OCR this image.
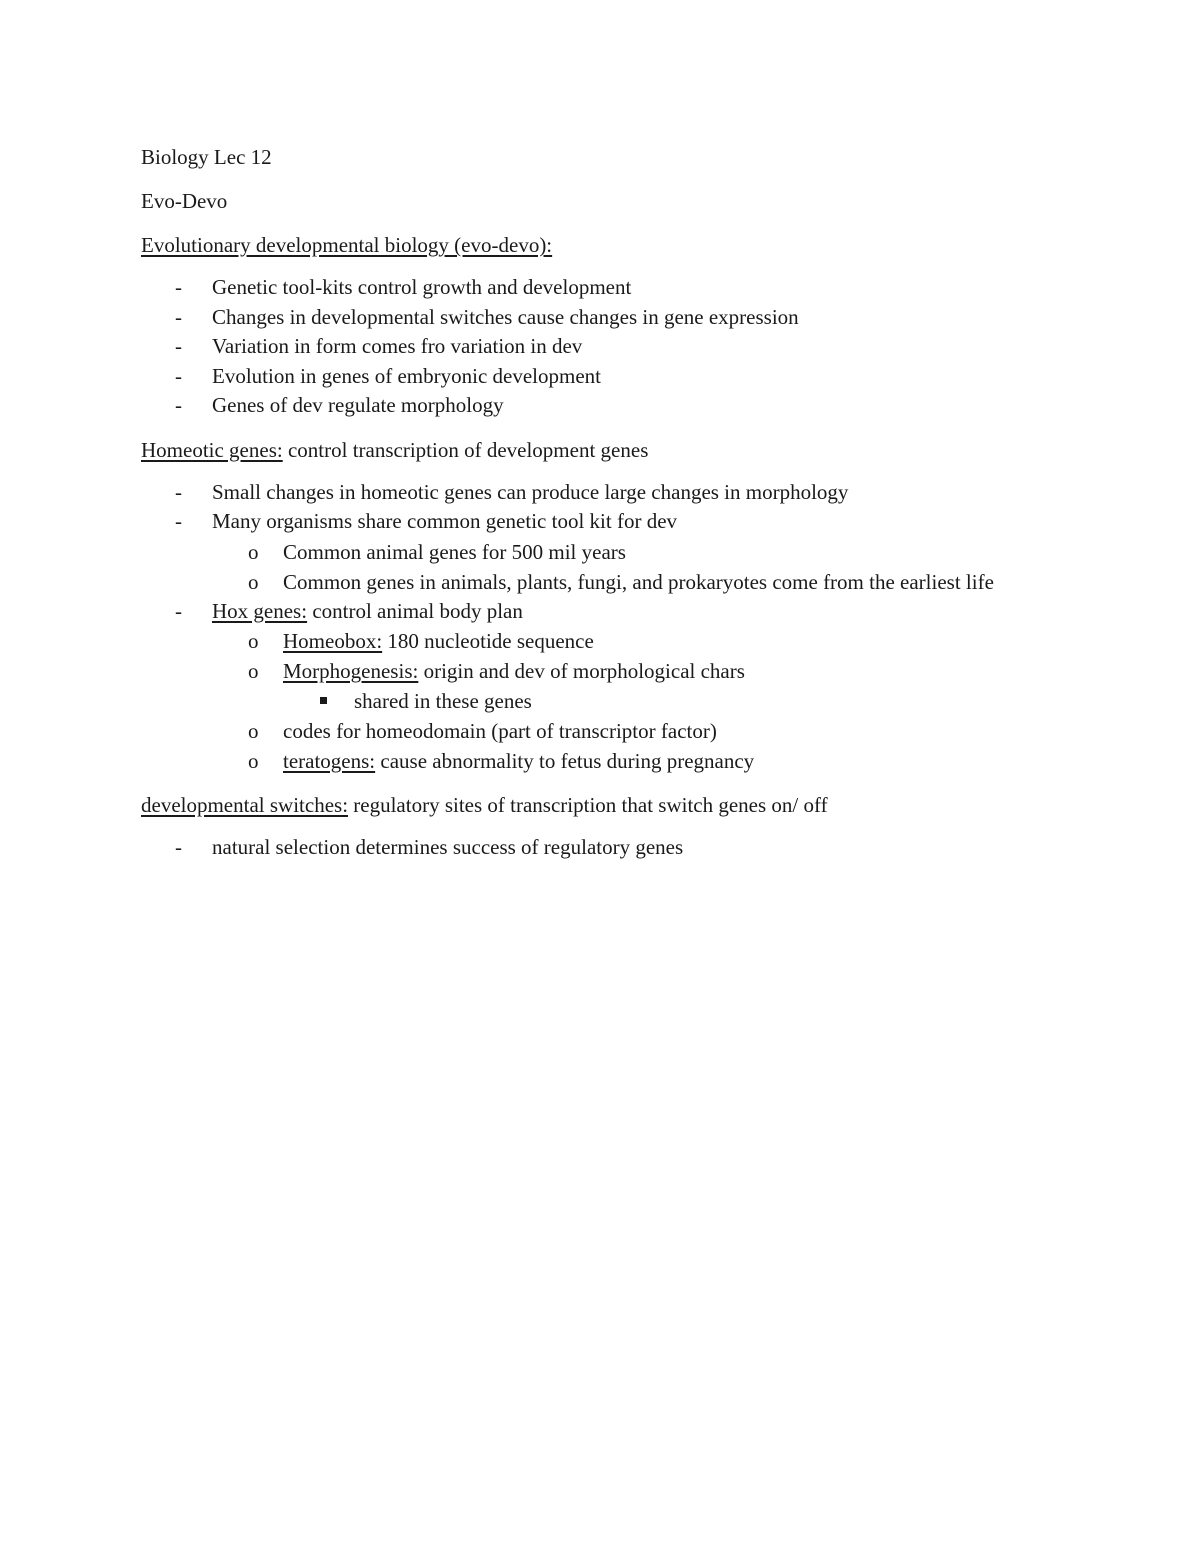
Biology Lec 12

Evo-Devo

Evolutionary developmental biology (evo-devo):

- Genetic tool-kits control growth and development
- Changes in developmental switches cause changes in gene expression
- Variation in form comes fro variation in dev
- Evolution in genes of embryonic development
- Genes of dev regulate morphology

Homeotic genes: control transcription of development genes

- Small changes in homeotic genes can produce large changes in morphology
- Many organisms share common genetic tool kit for dev
o Common animal genes for 500 mil years
o Common genes in animals, plants, fungi, and prokaryotes come from the earliest life
- Hox genes: control animal body plan
o Homeobox: 180 nucleotide sequence
o Morphogenesis: origin and dev of morphological chars
shared in these genes
o codes for homeodomain (part of transcriptor factor)
o teratogens: cause abnormality to fetus during pregnancy

developmental switches: regulatory sites of transcription that switch genes on/ off

- natural selection determines success of regulatory genes
